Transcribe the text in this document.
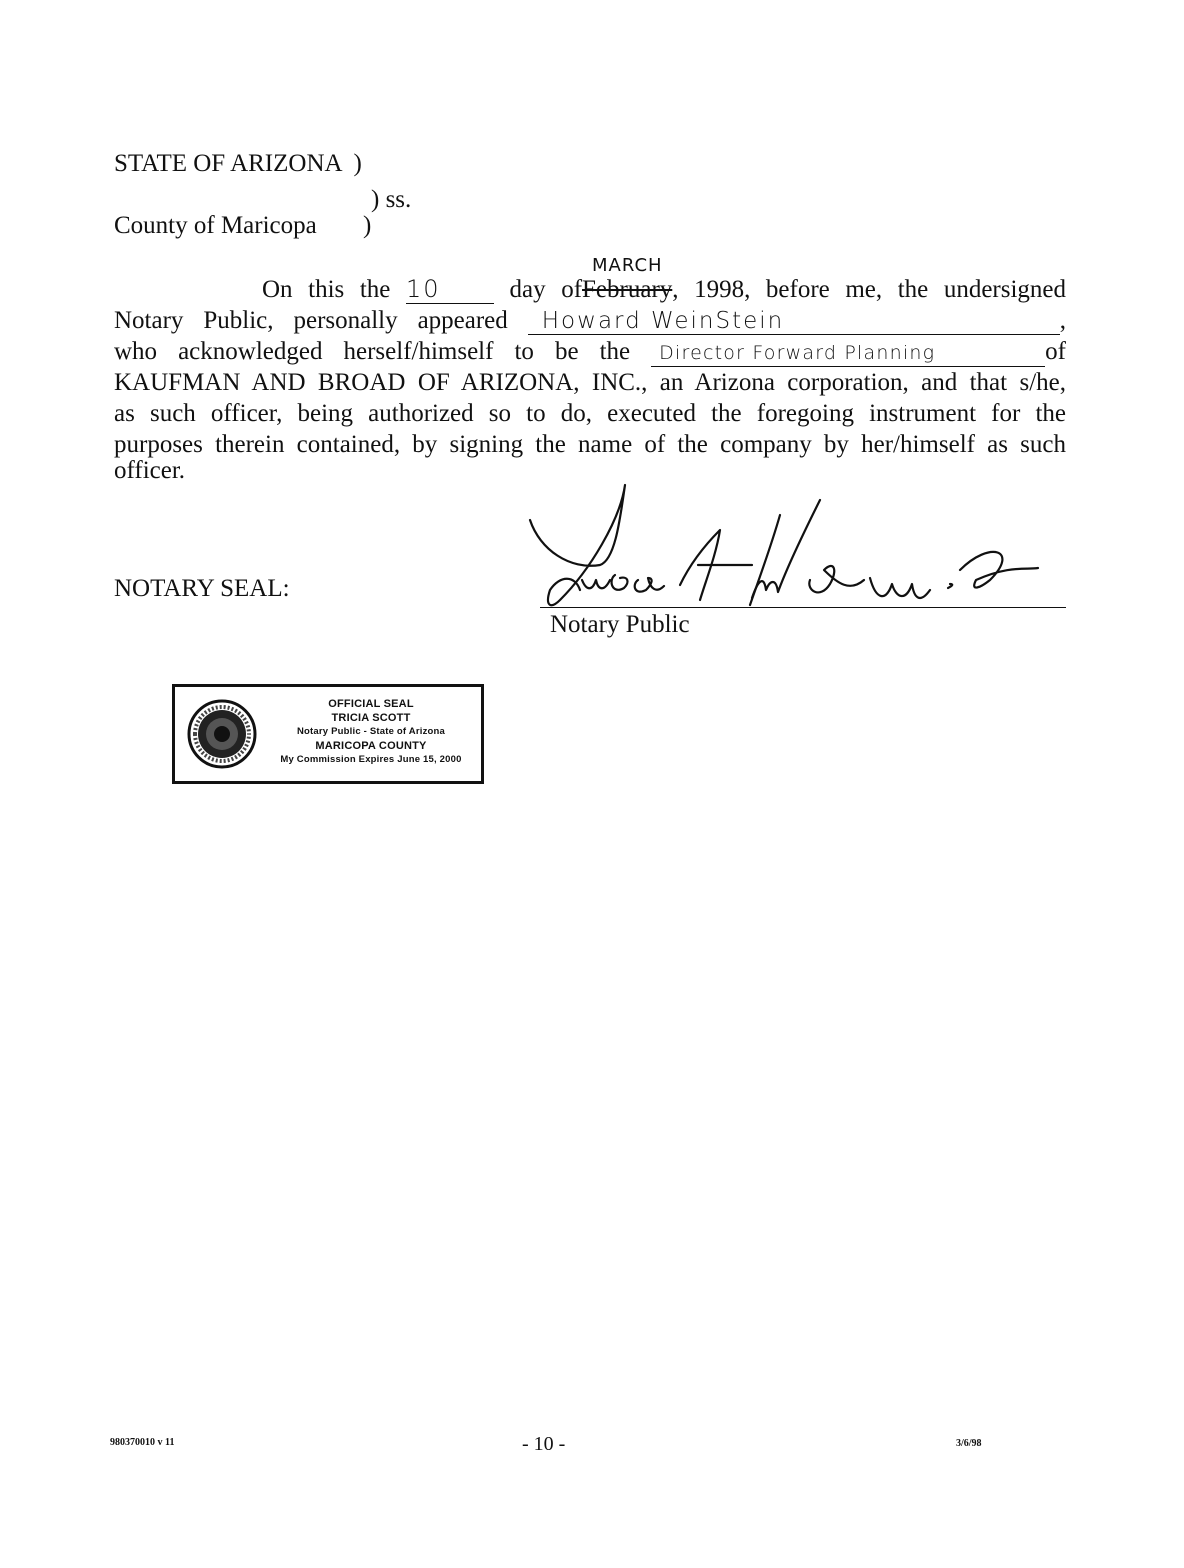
STATE OF ARIZONA )
) ss.
County of Maricopa )
On this the 10	day ofFebruary
MARCH
, 1998, before me, the undersigned
Notary Public, personally appeared Howard WeinStein	,
who acknowledged herself/himself to be the Director Forward Planning	of
KAUFMAN AND BROAD OF ARIZONA, INC., an Arizona corporation, and that s/he,
as such officer, being authorized so to do, executed the foregoing instrument for the
purposes therein contained, by signing the name of the company by her/himself as such
officer.
NOTARY SEAL:
Notary Public
OFFICIAL SEAL
TRICIA SCOTT
Notary Public - State of Arizona
MARICOPA COUNTY
My Commission Expires June 15, 2000
980370010 v 11	- 10 -	3/6/98
